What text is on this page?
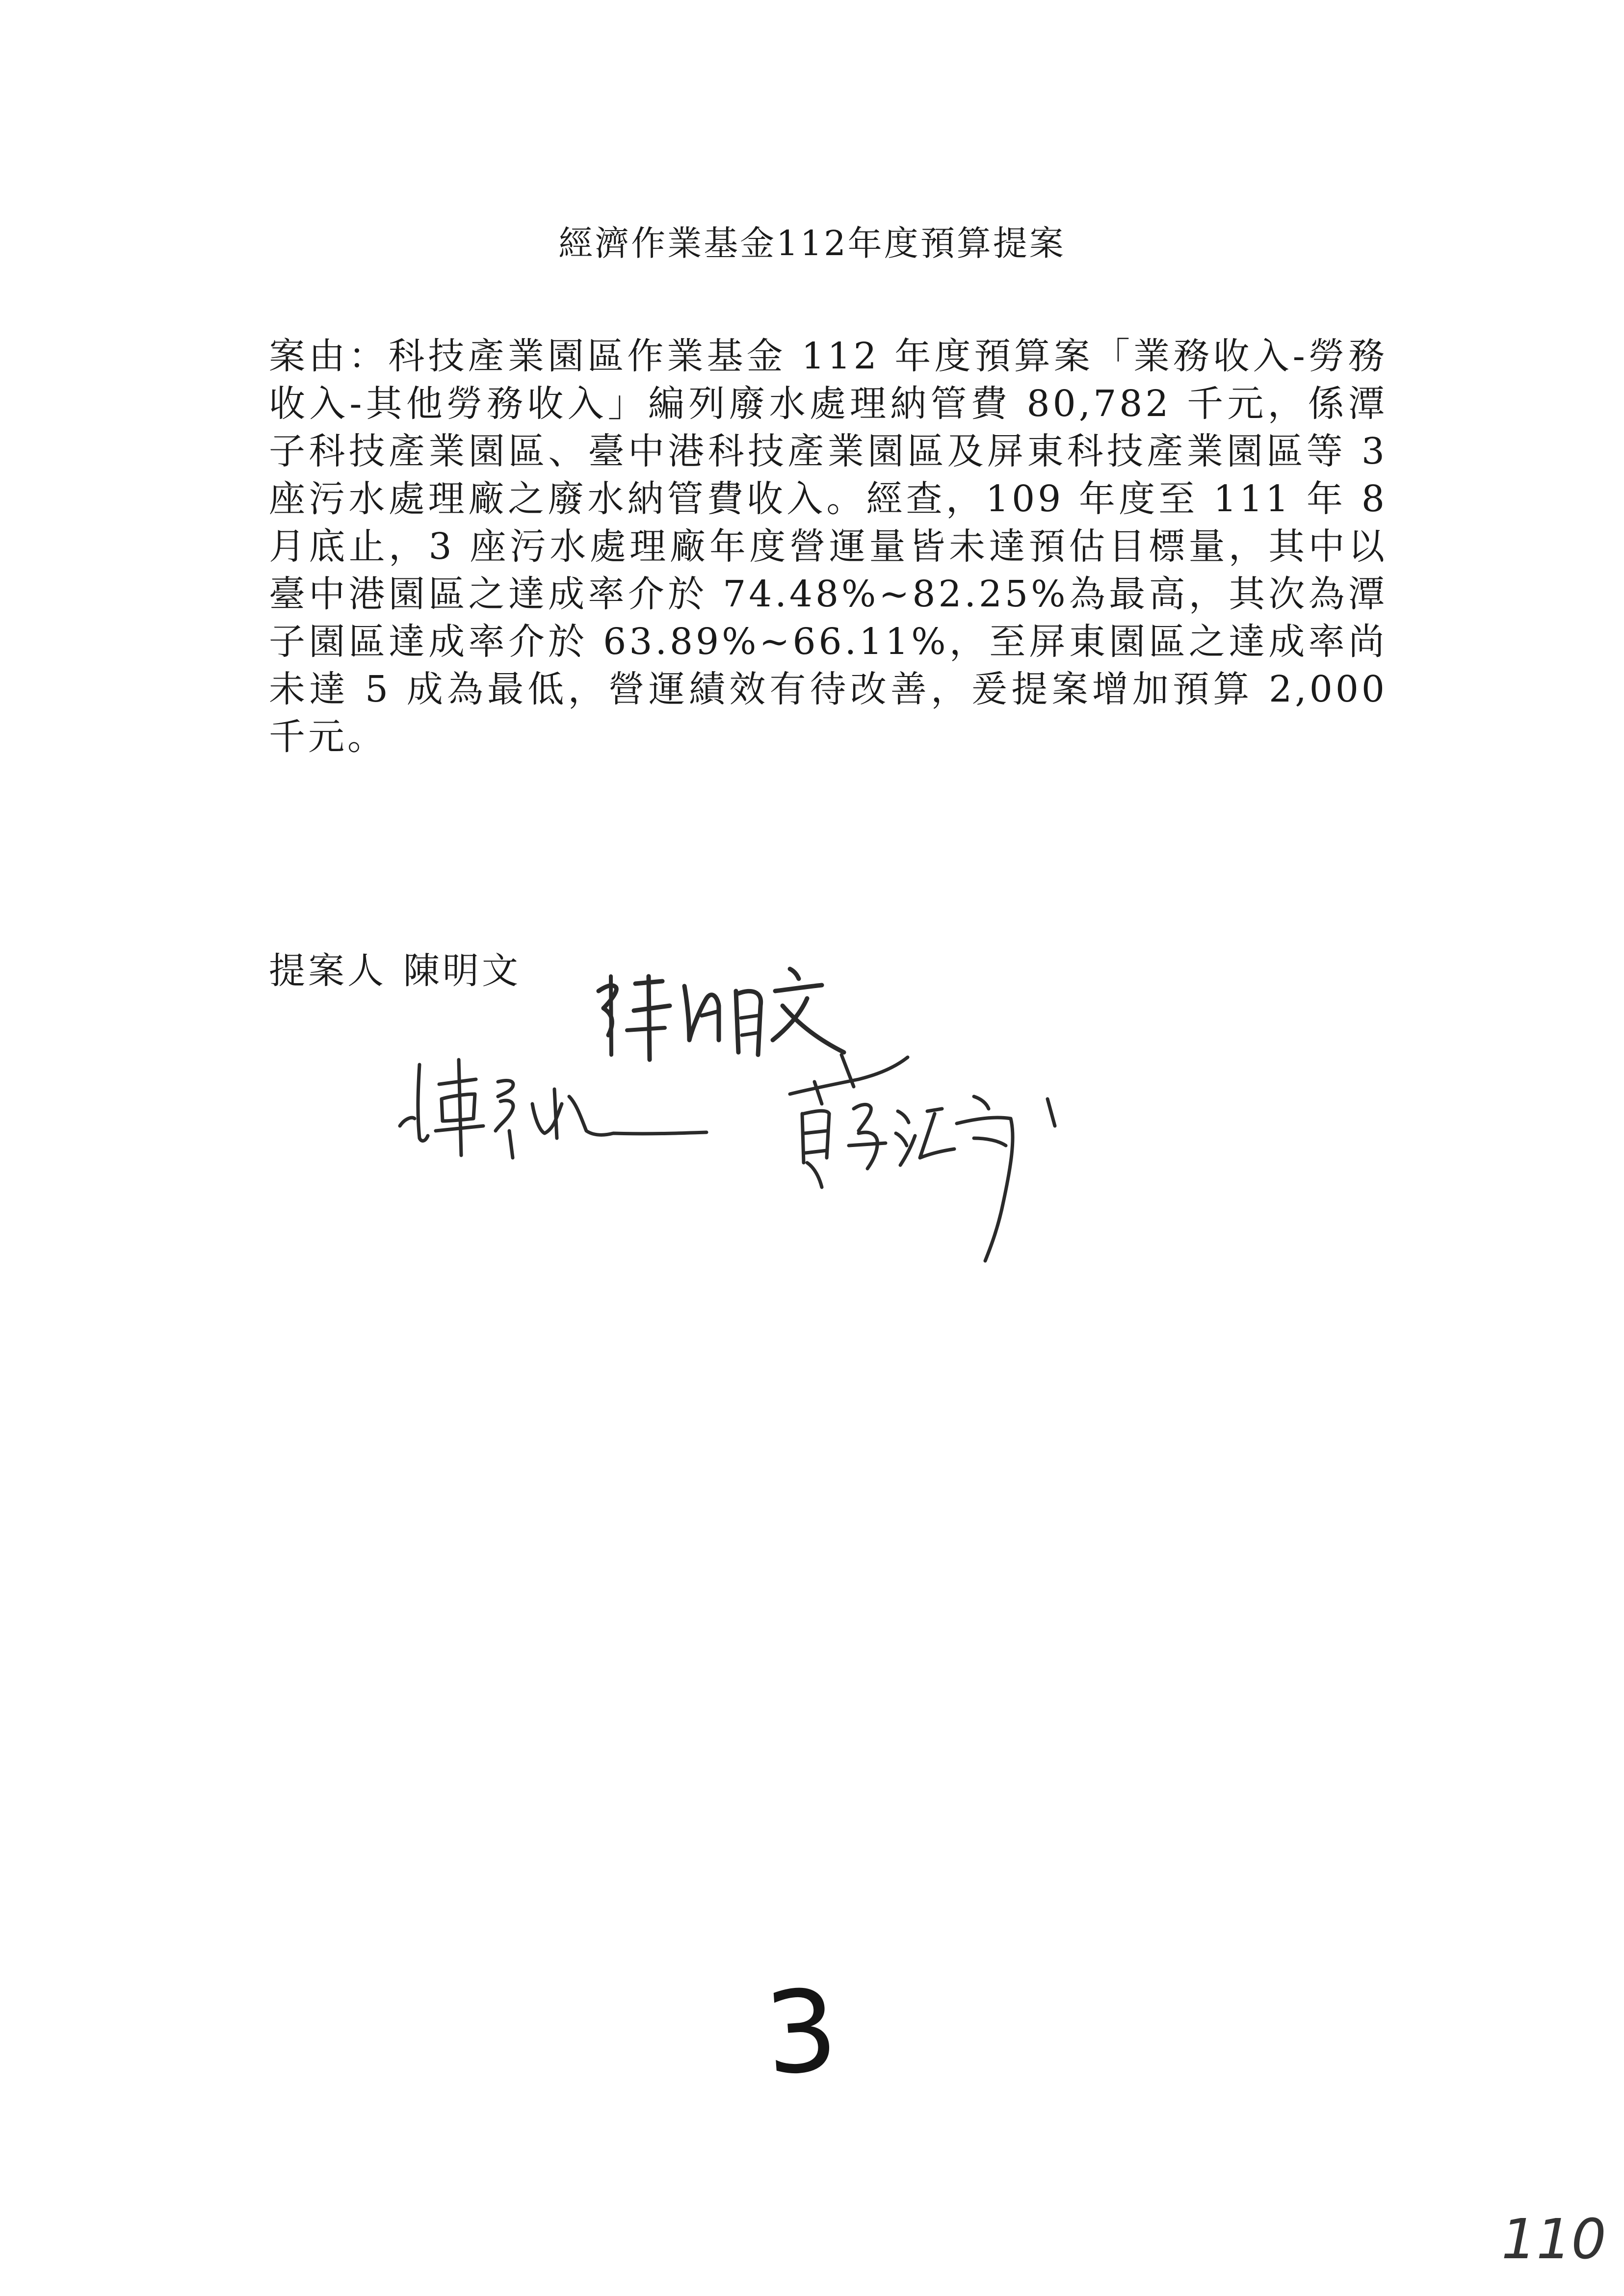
經濟作業基金112年度預算提案

案由：科技產業園區作業基金 112 年度預算案「業務收入-勞務收入-其他勞務收入」編列廢水處理納管費 80,782 千元，係潭子科技產業園區、臺中港科技產業園區及屏東科技產業園區等 3 座污水處理廠之廢水納管費收入。經查，109 年度至 111 年 8 月底止，3 座污水處理廠年度營運量皆未達預估目標量，其中以臺中港園區之達成率介於 74.48%~82.25%為最高，其次為潭子園區達成率介於 63.89%~66.11%，至屏東園區之達成率尚未達 5 成為最低，營運績效有待改善，爰提案增加預算 2,000 千元。

提案人 陳明文
3
110
